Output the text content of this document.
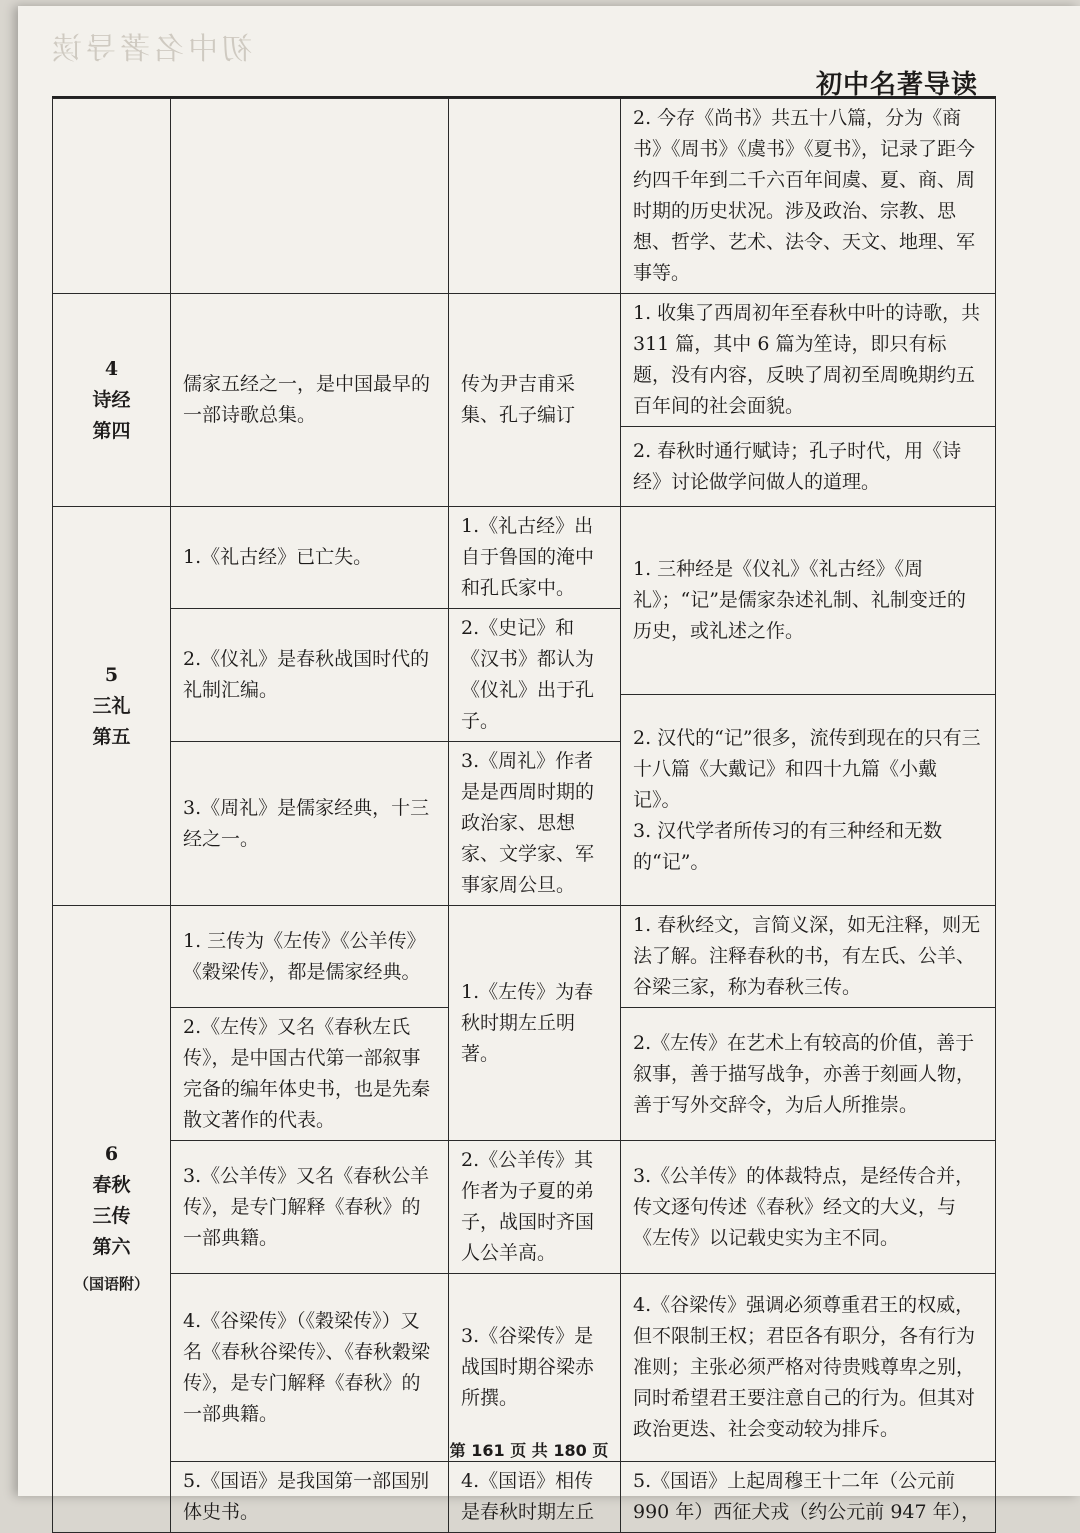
初中名著导读
初中名著导读
			2. 今存《尚书》共五十八篇，分为《商书》《周书》《虞书》《夏书》，记录了距今约四千年到二千六百年间虞、夏、商、周时期的历史状况。涉及政治、宗教、思想、哲学、艺术、法令、天文、地理、军事等。

4
诗经
第四	儒家五经之一，是中国最早的一部诗歌总集。	传为尹吉甫采集、孔子编订	1. 收集了西周初年至春秋中叶的诗歌，共 311 篇，其中 6 篇为笙诗，即只有标题，没有内容，反映了周初至周晚期约五百年间的社会面貌。
			2. 春秋时通行赋诗；孔子时代，用《诗经》讨论做学问做人的道理。

5
三礼
第五	1.《礼古经》已亡失。	1.《礼古经》出自于鲁国的淹中和孔氏家中。	1. 三种经是《仪礼》《礼古经》《周礼》；“记”是儒家杂述礼制、礼制变迁的历史，或礼述之作。

	2.《仪礼》是春秋战国时代的礼制汇编。	2.《史记》和《汉书》都认为《仪礼》出于孔子。	

			2. 汉代的“记”很多，流传到现在的只有三十八篇《大戴记》和四十九篇《小戴记》。
3. 汉代学者所传习的有三种经和无数的“记”。

	3.《周礼》是儒家经典，十三经之一。	3.《周礼》作者是是西周时期的政治家、思想家、文学家、军事家周公旦。	

6
春秋
三传
第六
（国语附）	1. 三传为《左传》《公羊传》《穀梁传》，都是儒家经典。	1.《左传》为春秋时期左丘明著。	1. 春秋经文，言简义深，如无注释，则无法了解。注释春秋的书，有左氏、公羊、谷梁三家，称为春秋三传。
	2.《左传》又名《春秋左氏传》，是中国古代第一部叙事完备的编年体史书，也是先秦散文著作的代表。		2.《左传》在艺术上有较高的价值，善于叙事，善于描写战争，亦善于刻画人物，善于写外交辞令，为后人所推崇。
	3.《公羊传》又名《春秋公羊传》，是专门解释《春秋》的一部典籍。	2.《公羊传》其作者为子夏的弟子，战国时齐国人公羊高。	3.《公羊传》的体裁特点，是经传合并，传文逐句传述《春秋》经文的大义，与《左传》以记载史实为主不同。
	4.《谷梁传》（《穀梁传》）又名《春秋谷梁传》、《春秋穀梁传》，是专门解释《春秋》的一部典籍。	3.《谷梁传》是战国时期谷梁赤所撰。	4.《谷梁传》强调必须尊重君王的权威，但不限制王权；君臣各有职分，各有行为准则；主张必须严格对待贵贱尊卑之别，同时希望君王要注意自己的行为。但其对政治更迭、社会变动较为排斥。
	5.《国语》是我国第一部国别体史书。	4.《国语》相传是春秋时期左丘	5.《国语》上起周穆王十二年（公元前 990 年）西征犬戎（约公元前 947 年），
第 161 页 共 180 页
